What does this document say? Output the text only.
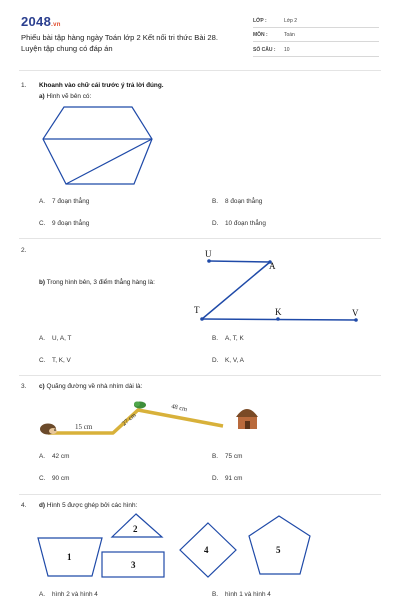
2048.vn
Phiếu bài tập hàng ngày Toán lớp 2 Kết nối tri thức Bài 28. Luyện tập chung có đáp án
LỚP :	Lớp 2
MÔN :	Toán
SỐ CÂU : 10
1. Khoanh vào chữ cái trước ý trả lời đúng.
a) Hình vẽ bên có:
A. 7 đoạn thẳng	B. 8 đoạn thẳng
C. 9 đoạn thẳng	D. 10 đoạn thẳng
2.
b) Trong hình bên, 3 điểm thẳng hàng là:
U
A
T	K	V
A. U, A, T	B. A, T, K
C. T, K, V	D. K, V, A
3. c) Quãng đường về nhà nhím dài là:
15 cm	27 cm
48 cm
A. 42 cm	B. 75 cm
C. 90 cm	D. 91 cm
4. d) Hình 5 được ghép bởi các hình:
1
2
3
4	5
A. hình 2 và hình 4	B. hình 1 và hình 4
